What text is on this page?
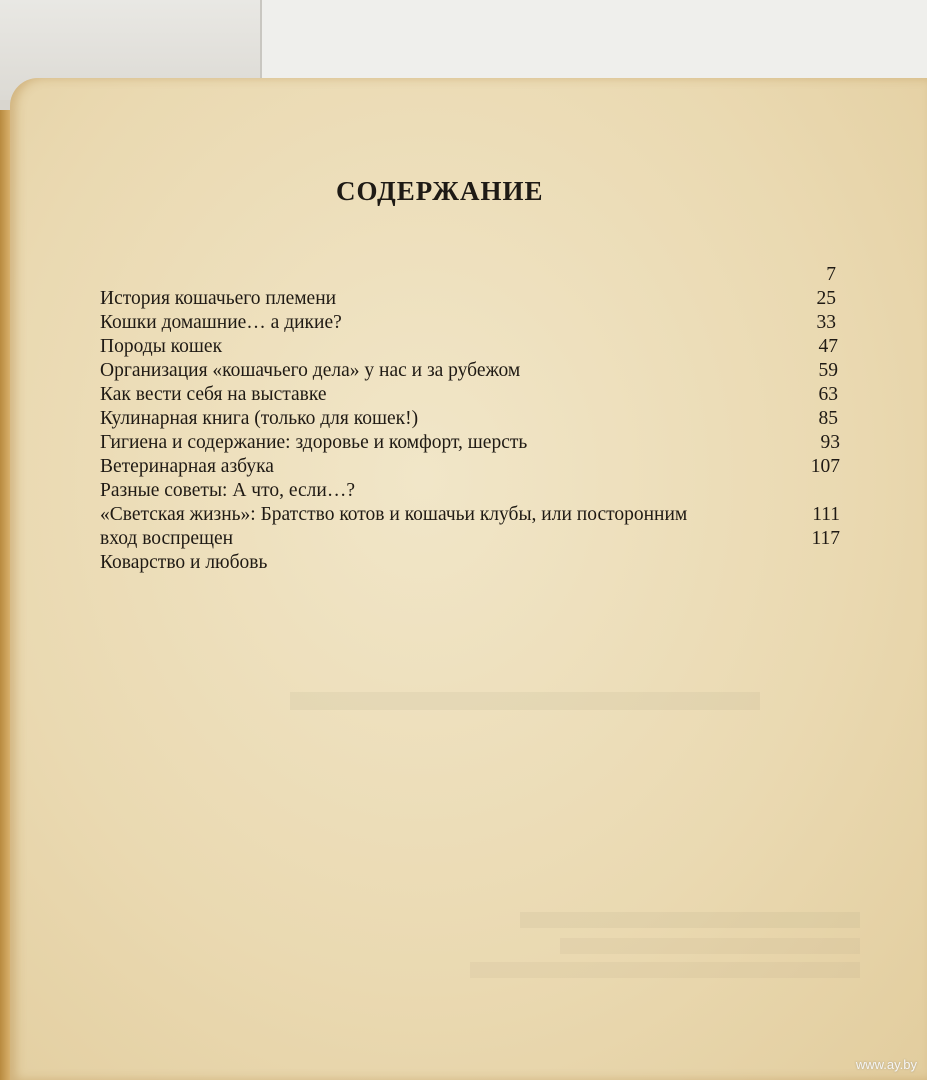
СОДЕРЖАНИЕ
7
История кошачьего племени	25
Кошки домашние… а дикие?	33
Породы кошек	47
Организация «кошачьего дела» у нас и за рубежом	59
Как вести себя на выставке	63
Кулинарная книга (только для кошек!)	85
Гигиена и содержание: здоровье и комфорт, шерсть	93
Ветеринарная азбука	107
Разные советы: А что, если…?
«Светская жизнь»: Братство котов и кошачьи клубы, или посторонним	111
вход воспрещен	117
Коварство и любовь
www.ay.by
